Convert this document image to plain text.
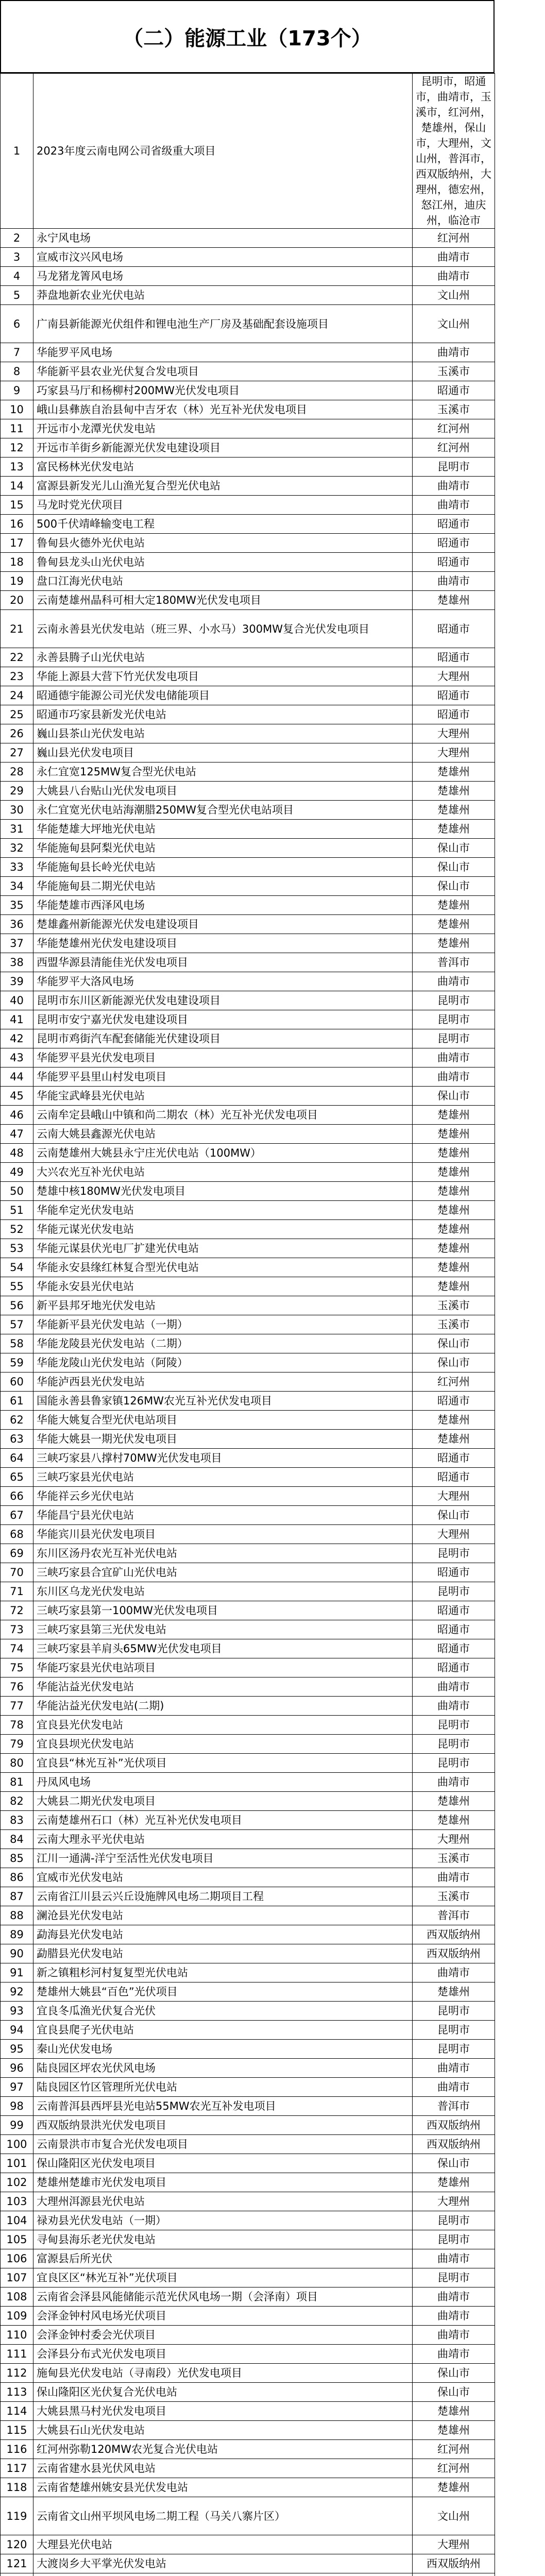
（二）能源工业（173个）
1	2023年度云南电网公司省级重大项目	昆明市，昭通市，曲靖市，玉溪市，红河州，楚雄州，保山市，大理州，文山州，普洱市，西双版纳州，大理州，德宏州，怒江州，迪庆州，临沧市
2	永宁风电场	红河州
3	宣威市汶兴风电场	曲靖市
4	马龙猪龙箐风电场	曲靖市
5	莽盘地新农业光伏电站	文山州
6	广南县新能源光伏组件和锂电池生产厂房及基础配套设施项目	文山州
7	华能罗平风电场	曲靖市
8	华能新平县农业光伏复合发电项目	玉溪市
9	巧家县马厅和杨柳村200MW光伏发电项目	昭通市
10	峨山县彝族自治县甸中吉牙农（林）光互补光伏发电项目	玉溪市
11	开远市小龙潭光伏发电站	红河州
12	开远市羊街乡新能源光伏发电建设项目	红河州
13	富民杨林光伏发电站	昆明市
14	富源县新发光儿山渔光复合型光伏电站	曲靖市
15	马龙时党光伏项目	曲靖市
16	500千伏靖峰输变电工程	昭通市
17	鲁甸县火德外光伏电站	昭通市
18	鲁甸县龙头山光伏电站	昭通市
19	盘口江海光伏电站	曲靖市
20	云南楚雄州晶科可相大定180MW光伏发电项目	楚雄州
21	云南永善县光伏发电站（班三界、小水马）300MW复合光伏发电项目	昭通市
22	永善县腾子山光伏电站	昭通市
23	华能上源县大营下竹光伏发电项目	大理州
24	昭通德宇能源公司光伏发电储能项目	昭通市
25	昭通市巧家县新发光伏电站	昭通市
26	巍山县茶山光伏发电站	大理州
27	巍山县光伏发电项目	大理州
28	永仁宜宽125MW复合型光伏电站	楚雄州
29	大姚县八台贴山光伏发电项目	楚雄州
30	永仁宜宽光伏电站海潮腊250MW复合型光伏电站项目	楚雄州
31	华能楚雄大坪地光伏电站	楚雄州
32	华能施甸县阿梨光伏电站	保山市
33	华能施甸县长岭光伏电站	保山市
34	华能施甸县二期光伏电站	保山市
35	华能楚雄市西泽风电场	楚雄州
36	楚雄鑫州新能源光伏发电建设项目	楚雄州
37	华能楚雄州光伏发电建设项目	楚雄州
38	西盟华源县清能佳光伏发电项目	普洱市
39	华能罗平大洛风电场	曲靖市
40	昆明市东川区新能源光伏发电建设项目	昆明市
41	昆明市安宁嘉光伏发电建设项目	昆明市
42	昆明市鸡街汽车配套储能光伏建设项目	昆明市
43	华能罗平县光伏发电项目	曲靖市
44	华能罗平县里山村发电项目	曲靖市
45	华能宝武峰县光伏电站	保山市
46	云南牟定县峨山中镇和尚二期农（林）光互补光伏发电项目	楚雄州
47	云南大姚县鑫源光伏电站	楚雄州
48	云南楚雄州大姚县永宁庄光伏电站（100MW）	楚雄州
49	大兴农光互补光伏电站	楚雄州
50	楚雄中核180MW光伏发电项目	楚雄州
51	华能牟定光伏发电站	楚雄州
52	华能元谋光伏发电站	楚雄州
53	华能元谋县伏光电厂扩建光伏电站	楚雄州
54	华能永安县缘红林复合型光伏电站	楚雄州
55	华能永安县光伏电站	楚雄州
56	新平县邦牙地光伏发电站	玉溪市
57	华能新平县光伏发电站（一期）	玉溪市
58	华能龙陵县光伏发电站（二期）	保山市
59	华能龙陵山光伏发电站（阿陵）	保山市
60	华能泸西县光伏发电站	红河州
61	国能永善县鲁家镇126MW农光互补光伏发电项目	昭通市
62	华能大姚复合型光伏电站项目	楚雄州
63	华能大姚县一期光伏发电项目	楚雄州
64	三峡巧家县八撑村70MW光伏发电项目	昭通市
65	三峡巧家县光伏电站	昭通市
66	华能祥云乡光伏电站	大理州
67	华能昌宁县光伏电站	保山市
68	华能宾川县光伏发电项目	大理州
69	东川区汤丹农光互补光伏电站	昆明市
70	三峡巧家县合宜矿山光伏电站	昭通市
71	东川区乌龙光伏发电站	昆明市
72	三峡巧家县第一100MW光伏发电项目	昭通市
73	三峡巧家县第三光伏发电站	昭通市
74	三峡巧家县羊肩头65MW光伏发电项目	昭通市
75	华能巧家县光伏电站项目	昭通市
76	华能沾益光伏发电站	曲靖市
77	华能沾益光伏发电站(二期)	曲靖市
78	宜良县光伏发电站	昆明市
79	宜良县坝光伏发电站	昆明市
80	宜良县“林光互补”光伏项目	昆明市
81	丹凤风电场	曲靖市
82	大姚县二期光伏发电项目	楚雄州
83	云南楚雄州石口（林）光互补光伏发电项目	楚雄州
84	云南大理永平光伏电站	大理州
85	江川一通满-洋宁至活性光伏发电项目	玉溪市
86	宜威市光伏发电站	曲靖市
87	云南省江川县云兴丘设施牌风电场二期项目工程	玉溪市
88	澜沧县光伏发电站	普洱市
89	勐海县光伏发电站	西双版纳州
90	勐腊县光伏发电站	西双版纳州
91	新之镇粗杉河村复复型光伏电站	曲靖市
92	楚雄州大姚县“百色”光伏项目	楚雄州
93	宜良冬瓜渔光伏复合光伏	昆明市
94	宜良县爬子光伏电站	昆明市
95	秦山光伏发电场	昆明市
96	陆良园区坪农光伏风电场	曲靖市
97	陆良园区竹区管理所光伏电站	曲靖市
98	云南普洱县西坪县光电站55MW农光互补发电项目	普洱市
99	西双版纳景洪光伏发电项目	西双版纳州
100	云南景洪市市复合光伏发电项目	西双版纳州
101	保山隆阳区光伏发电项目	保山市
102	楚雄州楚雄市光伏发电项目	楚雄州
103	大理州洱源县光伏电站	大理州
104	禄劝县光伏发电站（一期）	昆明市
105	寻甸县海乐老光伏发电站	昆明市
106	富源县后所光伏	曲靖市
107	宜良区区“林光互补”光伏项目	昆明市
108	云南省会泽县风能储能示范光伏风电场一期（会泽南）项目	曲靖市
109	会泽金钟村风电场光伏项目	曲靖市
110	会泽金钟村委会光伏项目	曲靖市
111	会泽县分布式光伏发电项目	曲靖市
112	施甸县光伏发电站（寻南段）光伏发电项目	保山市
113	保山隆阳区光伏复合光伏电站	保山市
114	大姚县黑马村光伏发电项目	楚雄州
115	大姚县石山光伏发电站	楚雄州
116	红河州弥勒120MW农光复合光伏电站	红河州
117	云南省建水县光伏风电站	红河州
118	云南省楚雄州姚安县光伏发电站	楚雄州
119	云南省文山州平坝风电场二期工程（马关八寨片区）	文山州
120	大理县光伏电站	大理州
121	大渡岗乡大平掌光伏发电站	西双版纳州
